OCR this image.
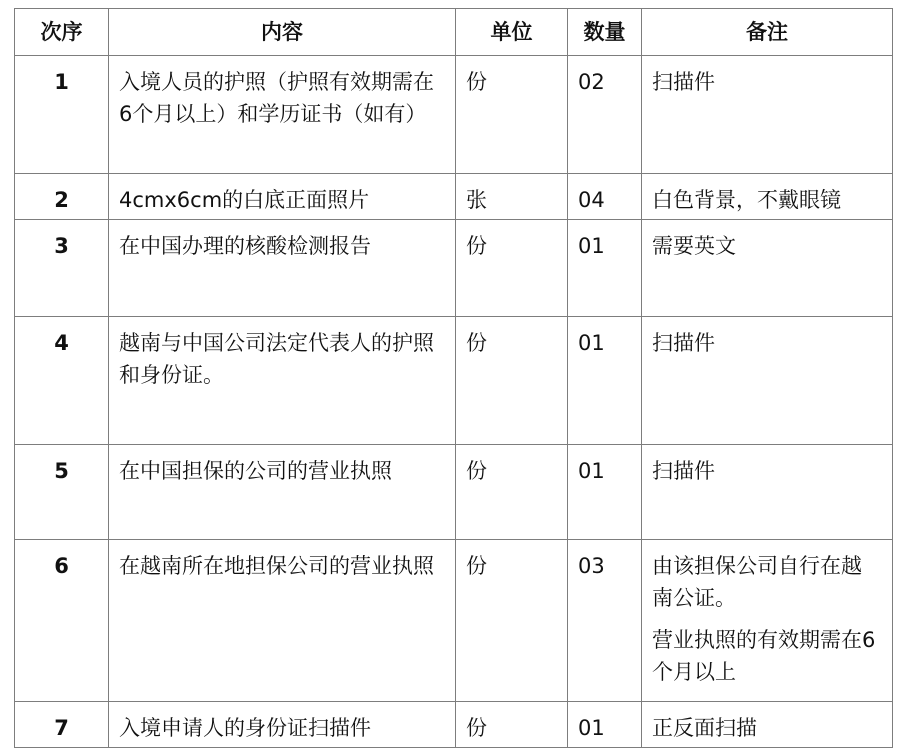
次序	内容	单位	数量	备注
1	入境人员的护照（护照有效期需在6个月以上）和学历证书（如有）	份	02	扫描件

2	4cmx6cm的白底正面照片	张	04	白色背景，不戴眼镜

3	在中国办理的核酸检测报告	份	01	需要英文

4	越南与中国公司法定代表人的护照和身份证。	份	01	扫描件

5	在中国担保的公司的营业执照	份	01	扫描件

6	在越南所在地担保公司的营业执照	份	03	由该担保公司自行在越南公证。
营业执照的有效期需在6个月以上

7	入境申请人的身份证扫描件	份	01	正反面扫描
